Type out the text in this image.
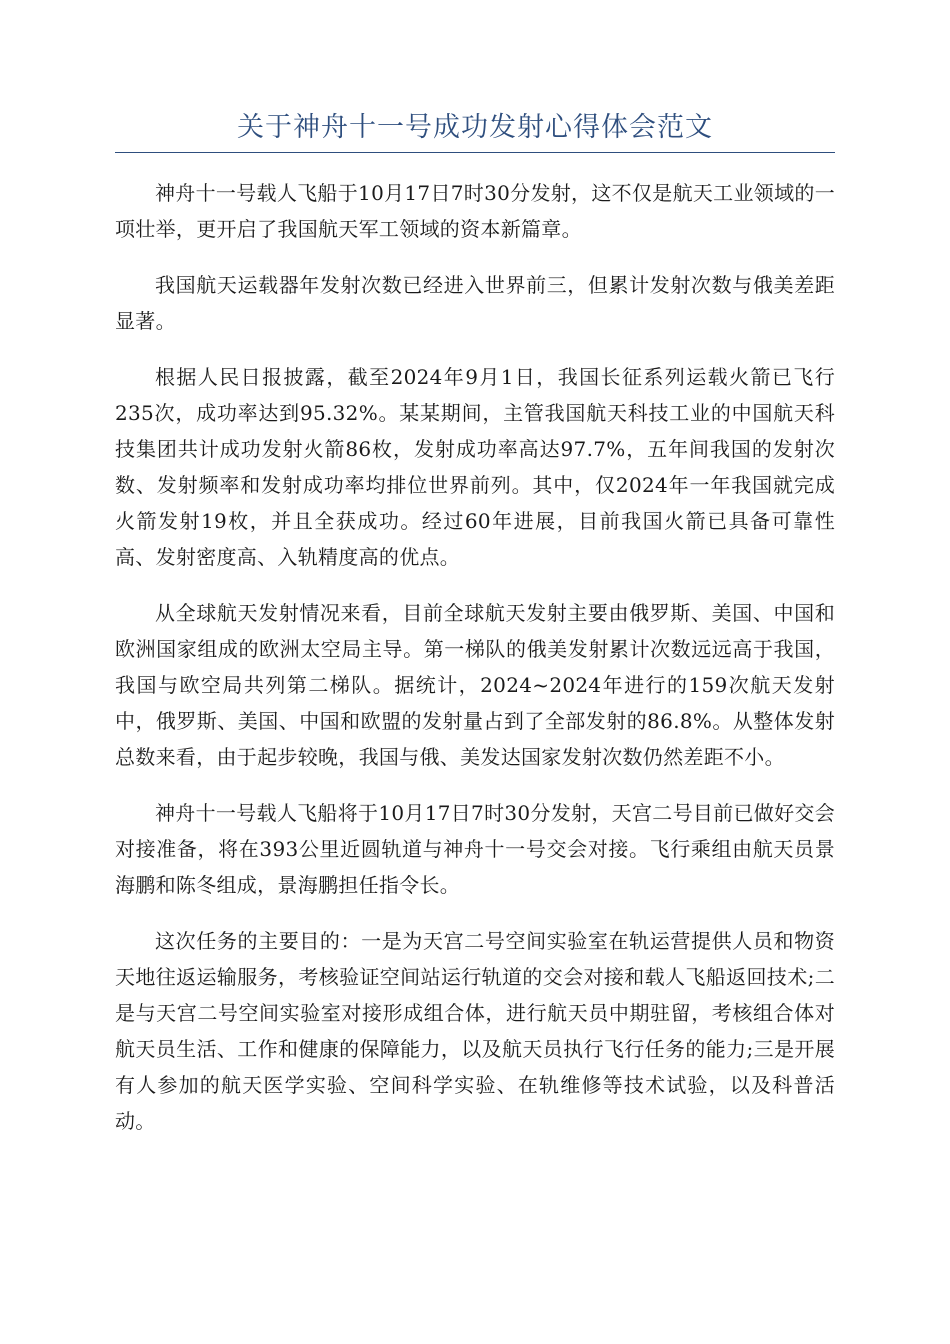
关于神舟十一号成功发射心得体会范文

神舟十一号载人飞船于10月17日7时30分发射，这不仅是航天工业领域的一项壮举，更开启了我国航天军工领域的资本新篇章。

我国航天运载器年发射次数已经进入世界前三，但累计发射次数与俄美差距显著。

根据人民日报披露，截至2024年9月1日，我国长征系列运载火箭已飞行235次，成功率达到95.32%。某某期间，主管我国航天科技工业的中国航天科技集团共计成功发射火箭86枚，发射成功率高达97.7%，五年间我国的发射次数、发射频率和发射成功率均排位世界前列。其中，仅2024年一年我国就完成火箭发射19枚，并且全获成功。经过60年进展，目前我国火箭已具备可靠性高、发射密度高、入轨精度高的优点。

从全球航天发射情况来看，目前全球航天发射主要由俄罗斯、美国、中国和欧洲国家组成的欧洲太空局主导。第一梯队的俄美发射累计次数远远高于我国，我国与欧空局共列第二梯队。据统计，2024~2024年进行的159次航天发射中，俄罗斯、美国、中国和欧盟的发射量占到了全部发射的86.8%。从整体发射总数来看，由于起步较晚，我国与俄、美发达国家发射次数仍然差距不小。

神舟十一号载人飞船将于10月17日7时30分发射，天宫二号目前已做好交会对接准备，将在393公里近圆轨道与神舟十一号交会对接。飞行乘组由航天员景海鹏和陈冬组成，景海鹏担任指令长。

这次任务的主要目的：一是为天宫二号空间实验室在轨运营提供人员和物资天地往返运输服务，考核验证空间站运行轨道的交会对接和载人飞船返回技术;二是与天宫二号空间实验室对接形成组合体，进行航天员中期驻留，考核组合体对航天员生活、工作和健康的保障能力，以及航天员执行飞行任务的能力;三是开展有人参加的航天医学实验、空间科学实验、在轨维修等技术试验，以及科普活动。
